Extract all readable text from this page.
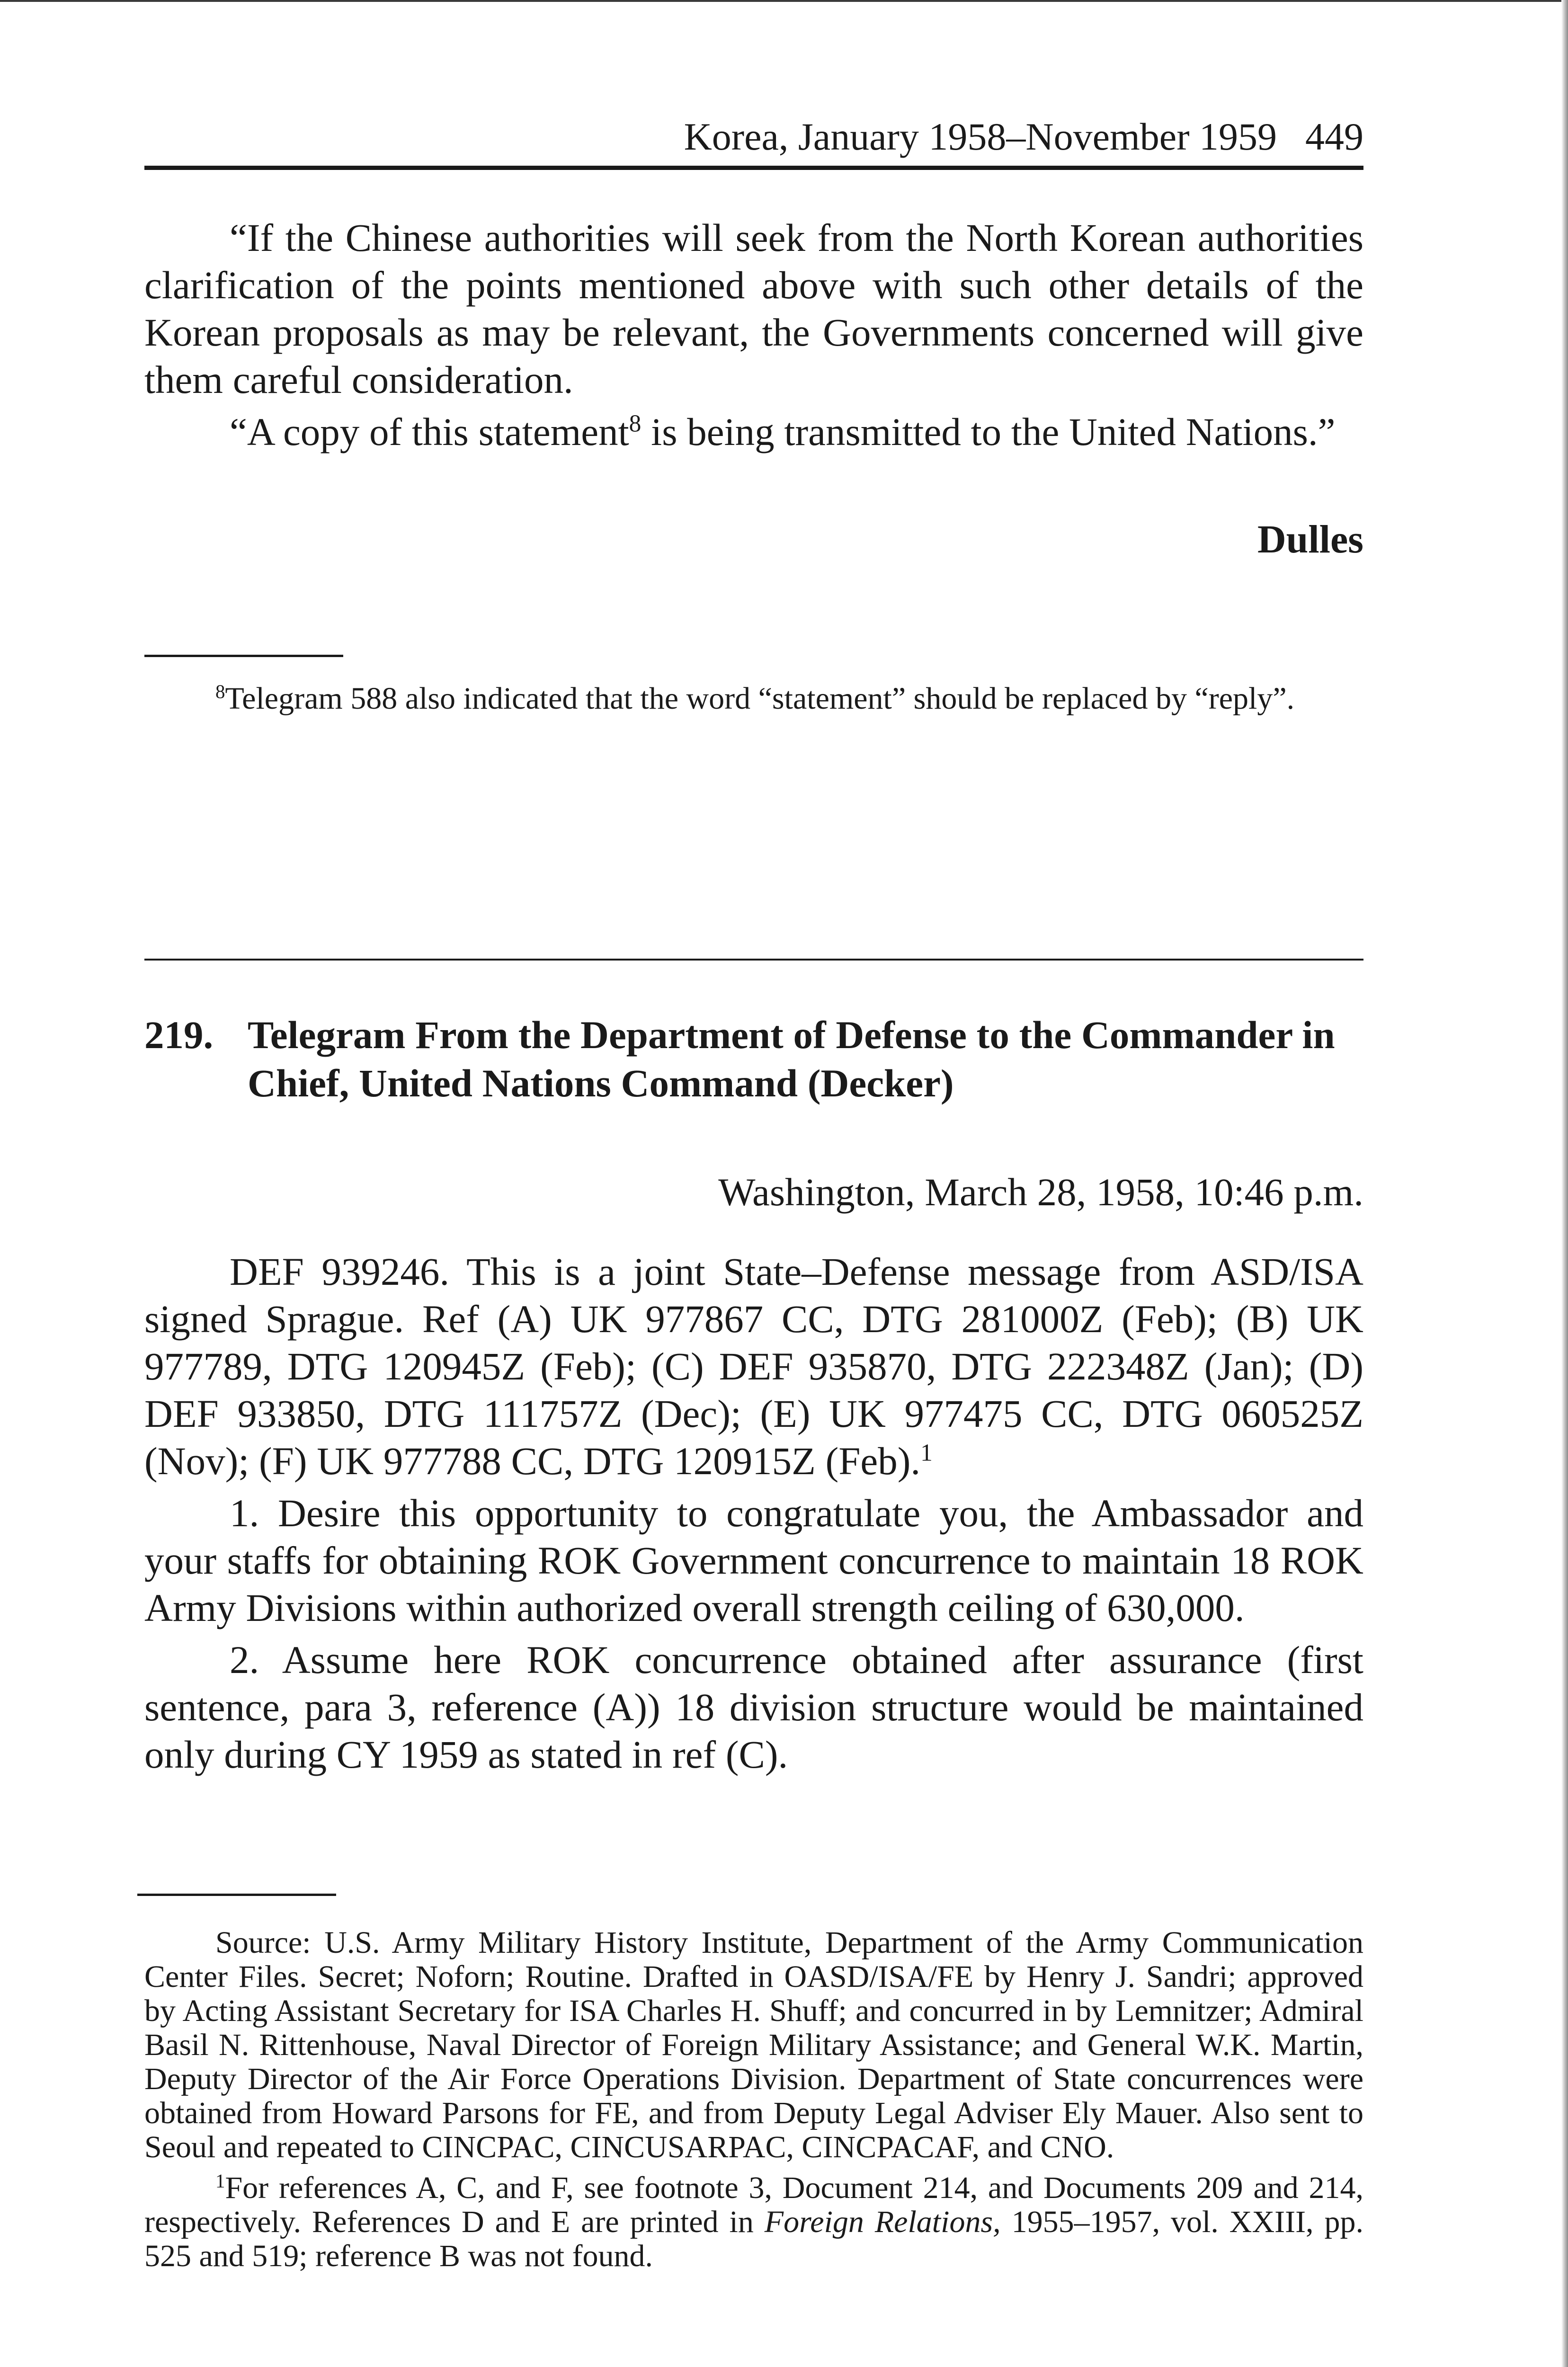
Korea, January 1958–November 1959 449

“If the Chinese authorities will seek from the North Korean authorities clarification of the points mentioned above with such other details of the Korean proposals as may be relevant, the Governments concerned will give them careful consideration.

“A copy of this statement$^8$ is being transmitted to the United Nations.”

Dulles

$^8$Telegram 588 also indicated that the word “statement” should be replaced by “reply”.

219. Telegram From the Department of Defense to the Commander in Chief, United Nations Command (Decker)
Washington, March 28, 1958, 10:46 p.m.

DEF 939246. This is a joint State–Defense message from ASD/ISA signed Sprague. Ref (A) UK 977867 CC, DTG 281000Z (Feb); (B) UK 977789, DTG 120945Z (Feb); (C) DEF 935870, DTG 222348Z (Jan); (D) DEF 933850, DTG 111757Z (Dec); (E) UK 977475 CC, DTG 060525Z (Nov); (F) UK 977788 CC, DTG 120915Z (Feb).$^1$

1. Desire this opportunity to congratulate you, the Ambassador and your staffs for obtaining ROK Government concurrence to maintain 18 ROK Army Divisions within authorized overall strength ceiling of 630,000.

2. Assume here ROK concurrence obtained after assurance (first sentence, para 3, reference (A)) 18 division structure would be maintained only during CY 1959 as stated in ref (C).

Source: U.S. Army Military History Institute, Department of the Army Communication Center Files. Secret; Noforn; Routine. Drafted in OASD/ISA/FE by Henry J. Sandri; approved by Acting Assistant Secretary for ISA Charles H. Shuff; and concurred in by Lemnitzer; Admiral Basil N. Rittenhouse, Naval Director of Foreign Military Assistance; and General W.K. Martin, Deputy Director of the Air Force Operations Division. Department of State concurrences were obtained from Howard Parsons for FE, and from Deputy Legal Adviser Ely Mauer. Also sent to Seoul and repeated to CINCPAC, CINCUSARPAC, CINCPACAF, and CNO.

$^1$For references A, C, and F, see footnote 3, Document 214, and Documents 209 and 214, respectively. References D and E are printed in Foreign Relations, 1955–1957, vol. XXIII, pp. 525 and 519; reference B was not found.
